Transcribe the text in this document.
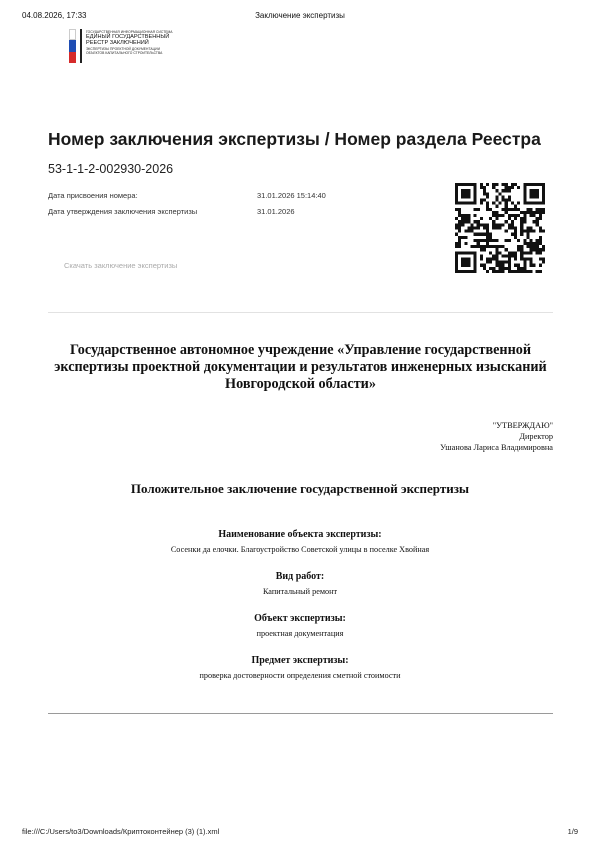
04.08.2026, 17:33	Заключение экспертизы
ГОСУДАРСТВЕННАЯ ИНФОРМАЦИОННАЯ СИСТЕМА
ЕДИНЫЙ ГОСУДАРСТВЕННЫЙ
РЕЕСТР ЗАКЛЮЧЕНИЙ
ЭКСПЕРТИЗЫ ПРОЕКТНОЙ ДОКУМЕНТАЦИИ
ОБЪЕКТОВ КАПИТАЛЬНОГО СТРОИТЕЛЬСТВА
Номер заключения экспертизы / Номер раздела Реестра
53-1-1-2-002930-2026
Дата присвоения номера:	31.01.2026 15:14:40
Дата утверждения заключения экспертизы	31.01.2026
Скачать заключение экспертизы
Государственное автономное учреждение «Управление государственной экспертизы проектной документации и результатов инженерных изысканий Новгородской области»
"УТВЕРЖДАЮ"
Директор
Ушанова Лариса Владимировна
Положительное заключение государственной экспертизы
Наименование объекта экспертизы:
Сосенки да елочки. Благоустройство Советской улицы в поселке Хвойная
Вид работ:
Капитальный ремонт
Объект экспертизы:
проектная документация
Предмет экспертизы:
проверка достоверности определения сметной стоимости
file:///C:/Users/to3/Downloads/Криптоконтейнер (3) (1).xml	1/9
